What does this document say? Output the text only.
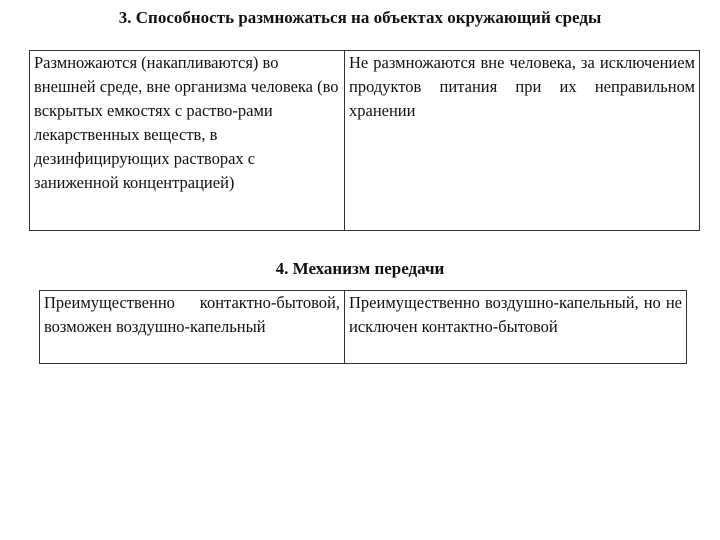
3. Способность размножаться на объектах окружающий среды
Размножаются (накапливаются) во внешней среде, вне организма человека (во вскрытых емкостях с раство-рами лекарственных веществ, в дезинфицирующих растворах с заниженной концентрацией)	Не размножаются вне человека, за исключением продуктов питания при их неправильном хранении
4. Механизм передачи
Преимущественно контактно-бытовой, возможен воздушно-капельный	Преимущественно воздушно-капельный, но не исключен контактно-бытовой
